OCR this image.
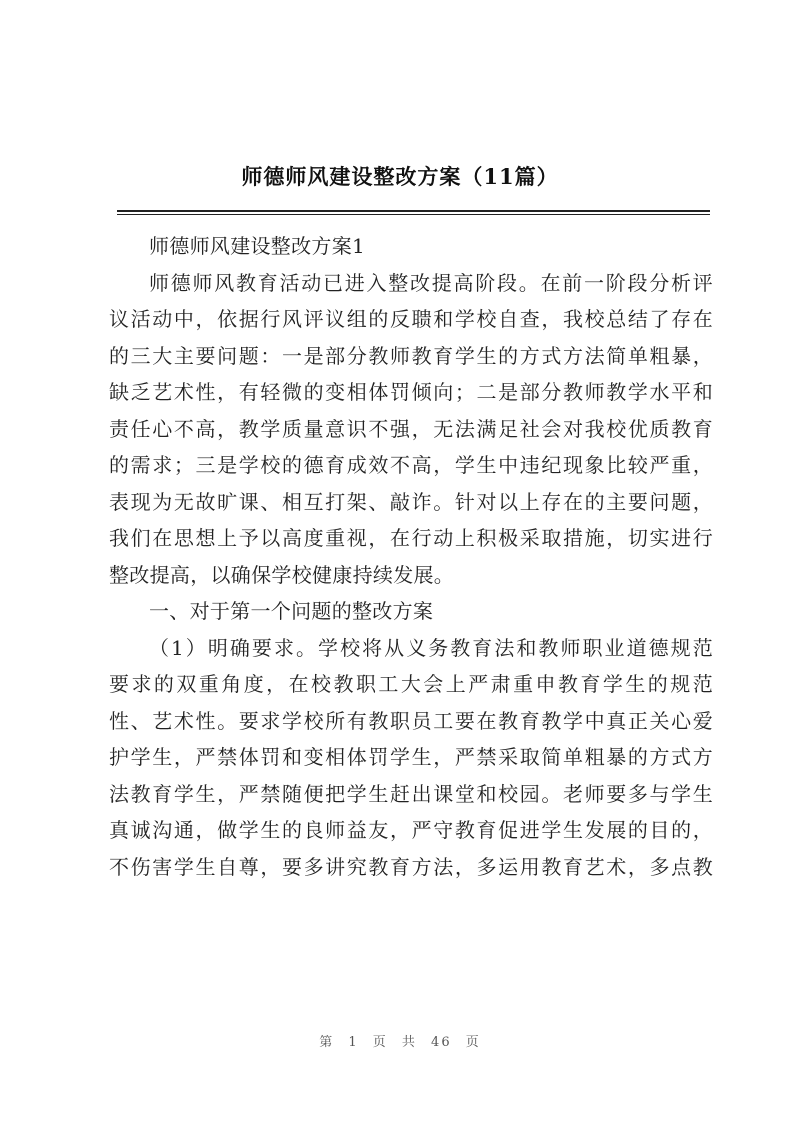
师德师风建设整改方案（11篇）
师德师风建设整改方案1
师德师风教育活动已进入整改提高阶段。在前一阶段分析评
议活动中，依据行风评议组的反聩和学校自查，我校总结了存在
的三大主要问题：一是部分教师教育学生的方式方法简单粗暴，
缺乏艺术性，有轻微的变相体罚倾向；二是部分教师教学水平和
责任心不高，教学质量意识不强，无法满足社会对我校优质教育
的需求；三是学校的德育成效不高，学生中违纪现象比较严重，
表现为无故旷课、相互打架、敲诈。针对以上存在的主要问题，
我们在思想上予以高度重视，在行动上积极采取措施，切实进行
整改提高，以确保学校健康持续发展。
一、对于第一个问题的整改方案
（1）明确要求。学校将从义务教育法和教师职业道德规范
要求的双重角度，在校教职工大会上严肃重申教育学生的规范
性、艺术性。要求学校所有教职员工要在教育教学中真正关心爱
护学生，严禁体罚和变相体罚学生，严禁采取简单粗暴的方式方
法教育学生，严禁随便把学生赶出课堂和校园。老师要多与学生
真诚沟通，做学生的良师益友，严守教育促进学生发展的目的，
不伤害学生自尊，要多讲究教育方法，多运用教育艺术，多点教
第 1 页 共 46 页
